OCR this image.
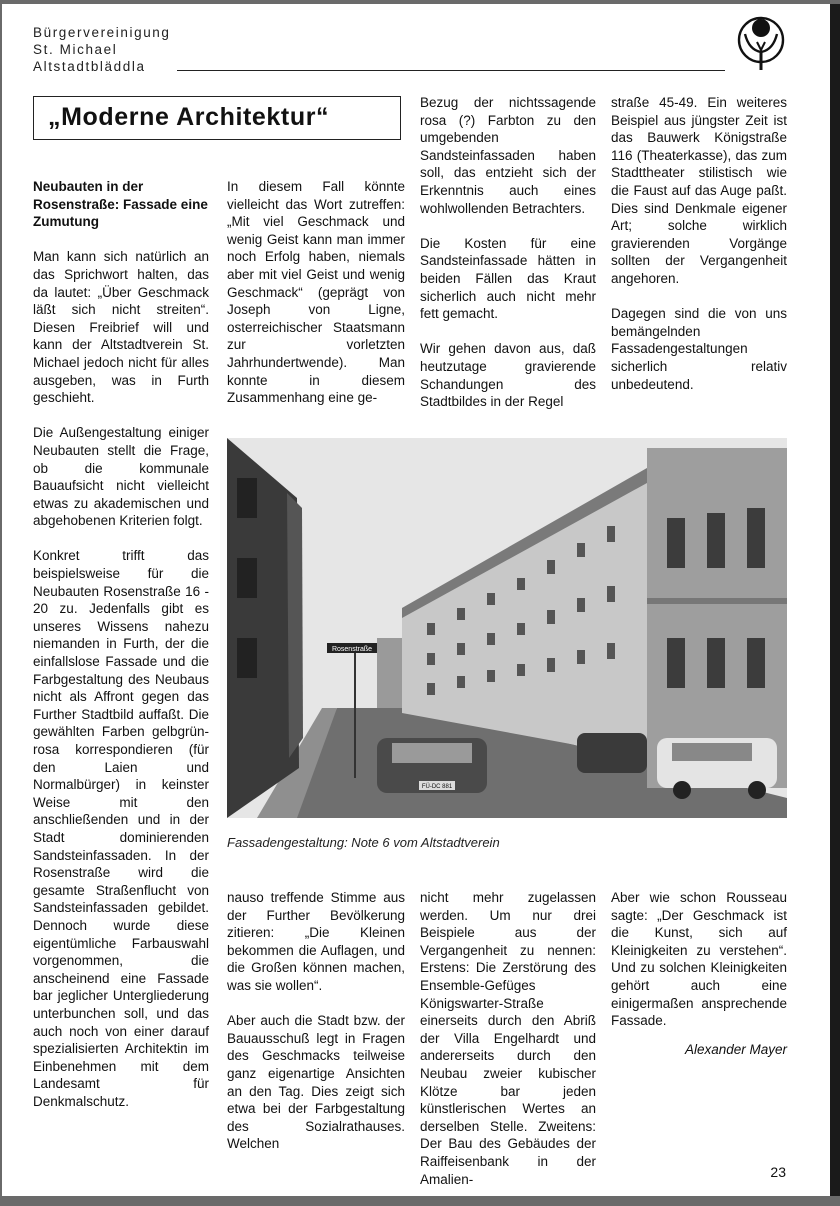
Bürgervereinigung
St. Michael
Altstadtbläddla
„Moderne Architektur“
Neubauten in der Rosenstraße: Fassade eine Zumutung

Man kann sich natürlich an das Sprichwort halten, das da lautet: „Über Geschmack läßt sich nicht streiten“. Diesen Freibrief will und kann der Altstadtverein St. Michael jedoch nicht für alles ausgeben, was in Furth geschieht.

Die Außengestaltung einiger Neubauten stellt die Frage, ob die kommunale Bauaufsicht nicht vielleicht etwas zu akademischen und abgehobenen Kriterien folgt.

Konkret trifft das beispielsweise für die Neubauten Rosenstraße 16 - 20 zu. Jedenfalls gibt es unseres Wissens nahezu niemanden in Furth, der die einfallslose Fassade und die Farbgestaltung des Neubaus nicht als Affront gegen das Further Stadtbild auffaßt. Die gewählten Farben gelbgrün-rosa korrespondieren (für den Laien und Normalbürger) in keinster Weise mit den anschließenden und in der Stadt dominierenden Sandsteinfassaden. In der Rosenstraße wird die gesamte Straßenflucht von Sandsteinfassaden gebildet. Dennoch wurde diese eigentümliche Farbauswahl vorgenommen, die anscheinend eine Fassade bar jeglicher Untergliederung unterbunchen soll, und das auch noch von einer darauf spezialisierten Architektin im Einbenehmen mit dem Landesamt für Denkmalschutz.

In diesem Fall könnte vielleicht das Wort zutreffen: „Mit viel Geschmack und wenig Geist kann man immer noch Erfolg haben, niemals aber mit viel Geist und wenig Geschmack“ (geprägt von Joseph von Ligne, osterreichischer Staatsmann zur vorletzten Jahrhundertwende). Man konnte in diesem Zusammenhang eine ge-

Bezug der nichtssagende rosa (?) Farbton zu den umgebenden Sandsteinfassaden haben soll, das entzieht sich der Erkenntnis auch eines wohlwollenden Betrachters.

Die Kosten für eine Sandsteinfassade hätten in beiden Fällen das Kraut sicherlich auch nicht mehr fett gemacht.

Wir gehen davon aus, daß heutzutage gravierende Schandungen des Stadtbildes in der Regel

straße 45-49. Ein weiteres Beispiel aus jüngster Zeit ist das Bauwerk Königstraße 116 (Theaterkasse), das zum Stadttheater stilistisch wie die Faust auf das Auge paßt. Dies sind Denkmale eigener Art; solche wirklich gravierenden Vorgänge sollten der Vergangenheit angehoren.

Dagegen sind die von uns bemängelnden Fassadengestaltungen sicherlich relativ unbedeutend.

Rosenstraße
FÜ-DC 881
Fassadengestaltung: Note 6 vom Altstadtverein

nauso treffende Stimme aus der Further Bevölkerung zitieren: „Die Kleinen bekommen die Auflagen, und die Großen können machen, was sie wollen“.

Aber auch die Stadt bzw. der Bauausschuß legt in Fragen des Geschmacks teilweise ganz eigenartige Ansichten an den Tag. Dies zeigt sich etwa bei der Farbgestaltung des Sozialrathauses. Welchen

nicht mehr zugelassen werden. Um nur drei Beispiele aus der Vergangenheit zu nennen: Erstens: Die Zerstörung des Ensemble-Gefüges Königswarter-Straße einerseits durch den Abriß der Villa Engelhardt und andererseits durch den Neubau zweier kubischer Klötze bar jeden künstlerischen Wertes an derselben Stelle. Zweitens: Der Bau des Gebäudes der Raiffeisenbank in der Amalien-

Aber wie schon Rousseau sagte: „Der Geschmack ist die Kunst, sich auf Kleinigkeiten zu verstehen“. Und zu solchen Kleinigkeiten gehört auch eine einigermaßen ansprechende Fassade.

Alexander Mayer
23
